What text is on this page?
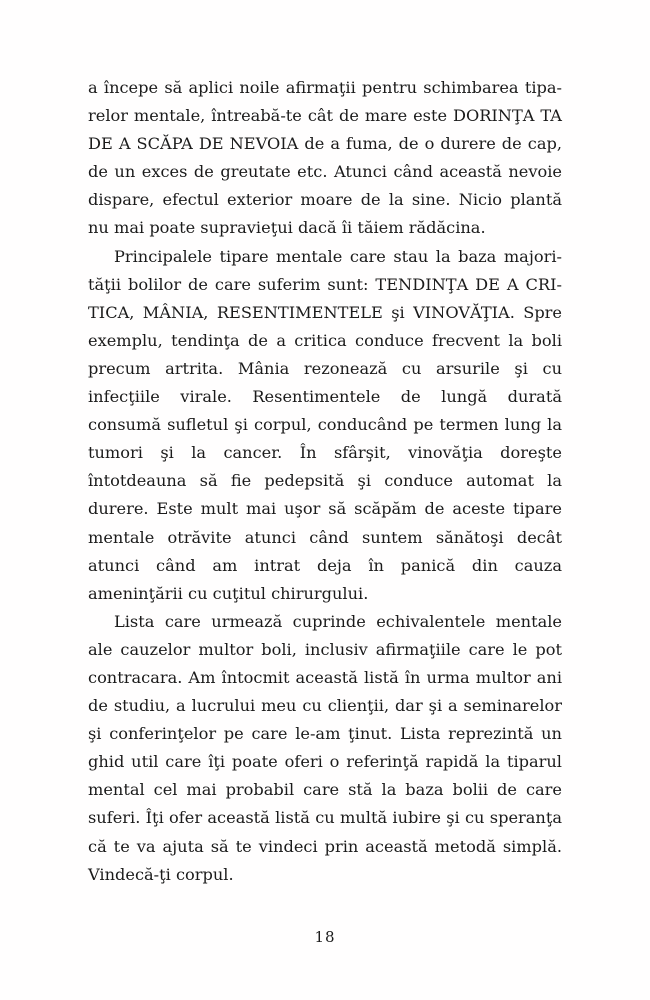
a începe să aplici noile afirmaţii pentru schimbarea tiparelor mentale, întreabă-te cât de mare este DORINŢA TA DE A SCĂPA DE NEVOIA de a fuma, de o durere de cap, de un exces de greutate etc. Atunci când această nevoie dispare, efectul exterior moare de la sine. Nicio plantă nu mai poate supravieţui dacă îi tăiem rădăcina.

Principalele tipare mentale care stau la baza majorităţii bolilor de care suferim sunt: TENDINŢA DE A CRITICA, MÂNIA, RESENTIMENTELE şi VINOVĂŢIA. Spre exemplu, tendinţa de a critica conduce frecvent la boli precum artrita. Mânia rezonează cu arsurile şi cu infecţiile virale. Resentimentele de lungă durată consumă sufletul şi corpul, conducând pe termen lung la tumori şi la cancer. În sfârşit, vinovăţia doreşte întotdeauna să fie pedepsită şi conduce automat la durere. Este mult mai uşor să scăpăm de aceste tipare mentale otrăvite atunci când suntem sănătoşi decât atunci când am intrat deja în panică din cauza ameninţării cu cuţitul chirurgului.

Lista care urmează cuprinde echivalentele mentale ale cauzelor multor boli, inclusiv afirmaţiile care le pot contracara. Am întocmit această listă în urma multor ani de studiu, a lucrului meu cu clienţii, dar şi a seminarelor şi conferinţelor pe care le-am ţinut. Lista reprezintă un ghid util care îţi poate oferi o referinţă rapidă la tiparul mental cel mai probabil care stă la baza bolii de care suferi. Îţi ofer această listă cu multă iubire şi cu speranţa că te va ajuta să te vindeci prin această metodă simplă. Vindecă-ţi corpul.

18
